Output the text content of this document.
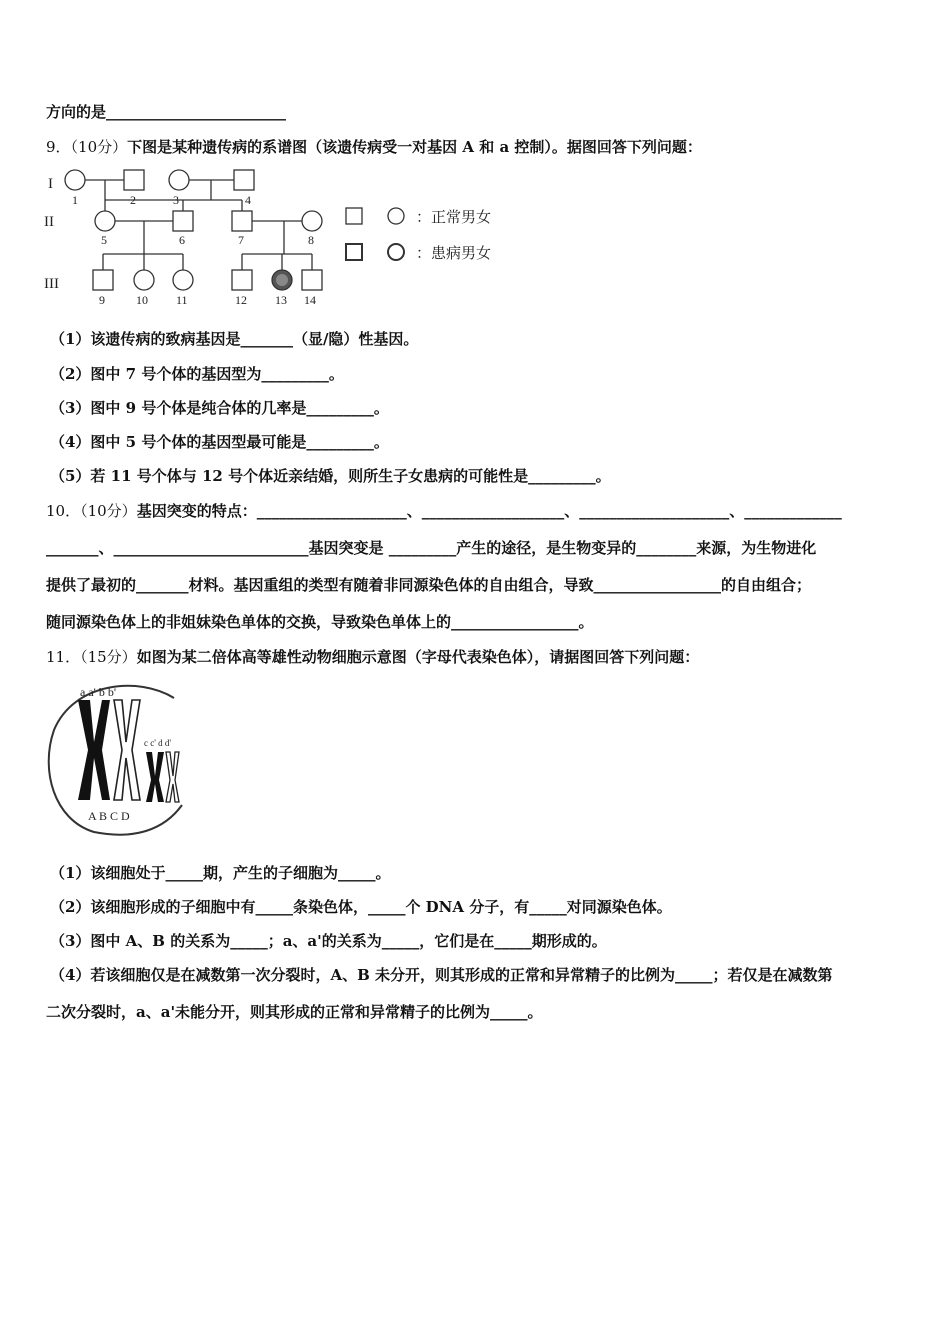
方向的是________________________
9．（10分）下图是某种遗传病的系谱图（该遗传病受一对基因 A 和 a 控制）。据图回答下列问题：
I
II
III
1	2	3	4
5	6	7	8
9	10 11	12 13 14
：正常男女
：患病男女
（1）该遗传病的致病基因是_______（显/隐）性基因。
（2）图中 7 号个体的基因型为_________。
（3）图中 9 号个体是纯合体的几率是_________。
（4）图中 5 号个体的基因型最可能是_________。
（5）若 11 号个体与 12 号个体近亲结婚，则所生子女患病的可能性是_________。
10．（10分）基因突变的特点：____________________、___________________、____________________、_____________
_______、__________________________基因突变是 _________产生的途径，是生物变异的________来源，为生物进化
提供了最初的_______材料。基因重组的类型有随着非同源染色体的自由组合，导致_________________的自由组合；
随同源染色体上的非姐妹染色单体的交换，导致染色单体上的_________________。
11．（15分）如图为某二倍体高等雄性动物细胞示意图（字母代表染色体），请据图回答下列问题：
a a' b b'
c c' d d'
A B C D
（1）该细胞处于_____期，产生的子细胞为_____。
（2）该细胞形成的子细胞中有_____条染色体，_____个 DNA 分子，有_____对同源染色体。
（3）图中 A、B 的关系为_____；a、a'的关系为_____，它们是在_____期形成的。
（4）若该细胞仅是在减数第一次分裂时，A、B 未分开，则其形成的正常和异常精子的比例为_____；若仅是在减数第
二次分裂时，a、a'未能分开，则其形成的正常和异常精子的比例为_____。
